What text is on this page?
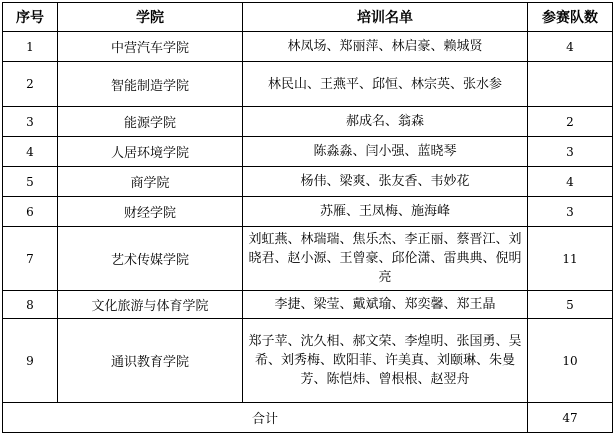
序号	学院	培训名单	参赛队数
1	中营汽车学院	林凤场、郑丽萍、林启豪、赖城贤	4
2	智能制造学院	林民山、王燕平、邱恒、林宗英、张水参	
3	能源学院	郝成名、翁森	2
4	人居环境学院	陈淼淼、闫小强、蓝晓琴	3
5	商学院	杨伟、梁爽、张友香、韦妙花	4
6	财经学院	苏雁、王凤梅、施海峰	3
7	艺术传媒学院	刘虹燕、林瑞瑞、焦乐杰、李正丽、蔡晋江、刘晓君、赵小源、王曾豪、邱伦潇、雷典典、倪明亮	11
8	文化旅游与体育学院	李捷、梁莹、戴斌瑜、郑奕馨、郑王晶	5
9	通识教育学院	郑子苹、沈久相、郝文荣、李煌明、张国勇、吴希、刘秀梅、欧阳菲、许美真、刘颐琳、朱曼芳、陈恺炜、曾根根、赵翌舟	10
合计			47
